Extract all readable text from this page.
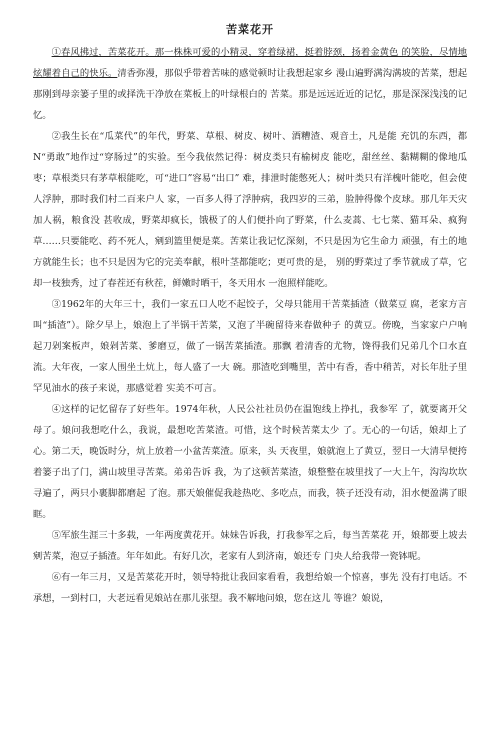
苦菜花开

①春风拂过，苦菜花开。那一株株可爱的小精灵，穿着绿裙，挺着脖颈，扬着金黄色 的笑脸，尽情地炫耀着自己的快乐。清香弥漫，那似乎带着苦味的感觉顿时让我想起家乡 漫山遍野满沟满坡的苦菜，想起那刚到母亲篓子里的或择洗干净放在菜板上的叶绿根白的 苦菜。那是远远近近的记忆，那是深深浅浅的记忆。

②我生长在“瓜菜代”的年代，野菜、草根、树皮、树叶、酒糟渣、观音土，凡是能 充饥的东西，都N“勇敢”地作过“穿肠过”的实验。至今我依然记得：树皮类只有榆树皮 能吃，甜丝丝、黏糊糊的像地瓜枣；草根类只有茅草根能吃，可“进口”容易“出口” 难，排泄时能憋死人；树叶类只有洋槐叶能吃，但会使人浮肿，那时我们村二百来户人 家，一百多人得了浮肿病，我四岁的三弟，脸肿得像个皮球。那几年天灾加人祸，粮食没 甚收成，野菜却疯长，饿极了的人们便扑向了野菜，什么麦蒿、七七菜、猫耳朵、疯狗 草……只要能吃、药不死人，剜到篮里便是菜。苦菜让我记忆深刻，不只是因为它生命力 顽强，有土的地方就能生长；也不只是因为它的完美奉献，根叶茎都能吃；更可贵的是， 别的野菜过了季节就成了草，它却一枝独秀，过了春茬还有秋茬，鲜嫩时晒干，冬天用水 一泡照样能吃。

③1962年的大年三十，我们一家五口人吃不起饺子，父母只能用干苦菜插渣（做菜豆 腐，老家方言叫“插渣”）。除夕早上，娘泡上了半锅干苦菜，又泡了半碗留待来春做种子 的黄豆。傍晚，当家家户户响起刀剁案板声，娘剁苦菜、爹磨豆，做了一锅苦菜插渣。那飘 着清香的尤物，馋得我们兄弟几个口水直流。大年夜，一家人围坐土炕上，每人盛了一大 碗。那渣吃到嘴里，苦中有香，香中稍苦，对长年肚子里罕见油水的孩子来说，那感觉着 实美不可言。

④这样的记忆留存了好些年。1974年秋，人民公社社员仍在温饱线上挣扎，我参军 了，就要离开父母了。娘问我想吃什么，我说，最想吃苦菜渣。可惜，这个时候苦菜太少 了。无心的一句话，娘却上了心。第二天，晚饭时分，炕上放着一小盆苦菜渣。原来，头 天夜里，娘就泡上了黄豆，翌日一大清早便挎着篓子出了门，满山坡里寻苦菜。弟弟告诉 我，为了这顿苦菜渣，娘整整在坡里找了一大上午，沟沟坎坎寻遍了，两只小裹脚都磨起 了泡。那天娘催促我趁热吃、多吃点，而我，筷子还没有动，泪水便盈满了眼眶。

⑤军旅生涯三十多载，一年两度黄花开。妹妹告诉我，打我参军之后，每当苦菜花 开，娘都要上坡去剜苦菜，泡豆子插渣。年年如此。有好几次，老家有人到济南，娘还专 门央人给我带一瓷钵呢。

⑥有一年三月，又是苦菜花开时，领导特批让我回家看看，我想给娘一个惊喜，事先 没有打电话。不承想，一到村口，大老远看见娘站在那儿张望。我不解地问娘，您在这儿 等谁？娘说，
